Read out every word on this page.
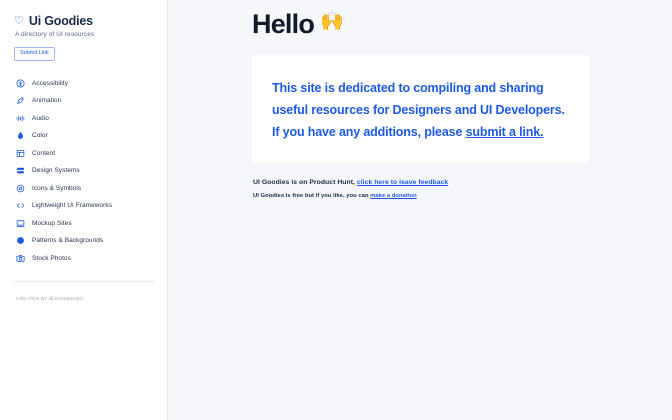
♡ Ui Goodies
A directory of UI resources
Submit Link
Accessibility
Animation
Audio
Color
Content
Design Systems
Icons & Symbols
Lightweight UI Frameworks
Mockup Sites
Patterns & Backgrounds
Stock Photos
CREATED BY @JOSSEEDEV
Hello 🙌

This site is dedicated to compiling and sharing useful resources for Designers and UI Developers. If you have any additions, please submit a link.

UI Goodies is on Product Hunt, click here to leave feedback

UI Goodies is free but if you like, you can make a donation
